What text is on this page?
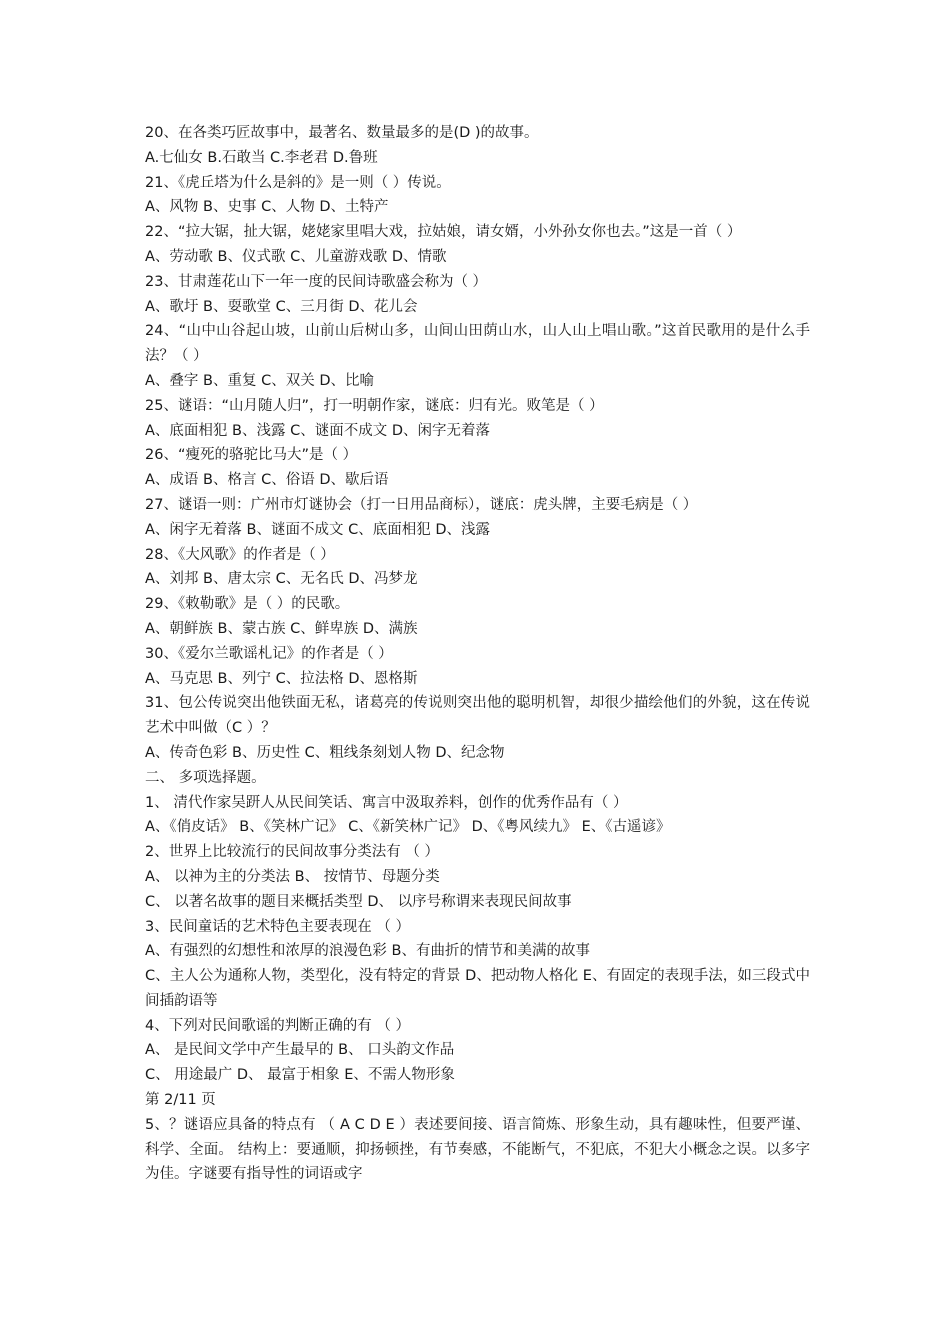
20、在各类巧匠故事中，最著名、数量最多的是(D )的故事。

A.七仙女 B.石敢当 C.李老君 D.鲁班

21、《虎丘塔为什么是斜的》是一则（ ）传说。

A、风物 B、史事 C、人物 D、土特产

22、“拉大锯，扯大锯，姥姥家里唱大戏，拉姑娘，请女婿，小外孙女你也去。”这是一首（ ）

A、劳动歌 B、仪式歌 C、儿童游戏歌 D、情歌

23、甘肃莲花山下一年一度的民间诗歌盛会称为（ ）

A、歌圩 B、耍歌堂 C、三月街 D、花儿会

24、“山中山谷起山坡，山前山后树山多，山间山田荫山水，山人山上唱山歌。”这首民歌用的是什么手法？（ ）

A、叠字 B、重复 C、双关 D、比喻

25、谜语：“山月随人归”，打一明朝作家，谜底：归有光。败笔是（ ）

A、底面相犯 B、浅露 C、谜面不成文 D、闲字无着落

26、“瘦死的骆驼比马大”是（ ）

A、成语 B、格言 C、俗语 D、歇后语

27、谜语一则：广州市灯谜协会（打一日用品商标），谜底：虎头牌，主要毛病是（ ）

A、闲字无着落 B、谜面不成文 C、底面相犯 D、浅露

28、《大风歌》的作者是（ ）

A、刘邦 B、唐太宗 C、无名氏 D、冯梦龙

29、《敕勒歌》是（ ）的民歌。

A、朝鲜族 B、蒙古族 C、鲜卑族 D、满族

30、《爱尔兰歌谣札记》的作者是（ ）

A、马克思 B、列宁 C、拉法格 D、恩格斯

31、包公传说突出他铁面无私，诸葛亮的传说则突出他的聪明机智，却很少描绘他们的外貌，这在传说艺术中叫做（C ）？

A、传奇色彩 B、历史性 C、粗线条刻划人物 D、纪念物

二、 多项选择题。

1、 清代作家吴趼人从民间笑话、寓言中汲取养料，创作的优秀作品有（ ）

A、《俏皮话》 B、《笑林广记》 C、《新笑林广记》 D、《粤风续九》 E、《古遥谚》

2、世界上比较流行的民间故事分类法有 （ ）

A、 以神为主的分类法 B、 按情节、母题分类

C、 以著名故事的题目来概括类型 D、 以序号称谓来表现民间故事

3、民间童话的艺术特色主要表现在 （ ）

A、有强烈的幻想性和浓厚的浪漫色彩 B、有曲折的情节和美满的故事

C、主人公为通称人物，类型化，没有特定的背景 D、把动物人格化 E、有固定的表现手法，如三段式中间插韵语等

4、下列对民间歌谣的判断正确的有 （ ）

A、 是民间文学中产生最早的 B、 口头韵文作品

C、 用途最广 D、 最富于相象 E、不需人物形象

第 2/11 页

5、？谜语应具备的特点有 （ A C D E ）表述要间接、语言简炼、形象生动，具有趣味性，但要严谨、科学、全面。 结构上：要通顺，抑扬顿挫，有节奏感，不能断气，不犯底，不犯大小概念之误。以多字为佳。字谜要有指导性的词语或字
